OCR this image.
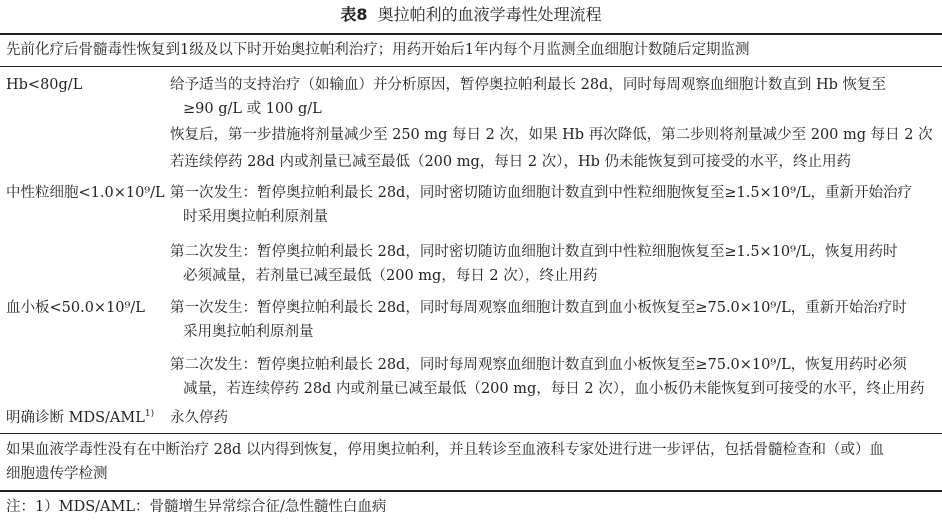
表8 奥拉帕利的血液学毒性处理流程
先前化疗后骨髓毒性恢复到1级及以下时开始奥拉帕利治疗；用药开始后1年内每个月监测全血细胞计数随后定期监测
Hb<80g/L	给予适当的支持治疗（如输血）并分析原因，暂停奥拉帕利最长 28d，同时每周观察血细胞计数直到 Hb 恢复至
≥90 g/L 或 100 g/L
恢复后，第一步措施将剂量减少至 250 mg 每日 2 次，如果 Hb 再次降低，第二步则将剂量减少至 200 mg 每日 2 次
若连续停药 28d 内或剂量已减至最低（200 mg，每日 2 次），Hb 仍未能恢复到可接受的水平，终止用药
中性粒细胞<1.0×10⁹/L 第一次发生：暂停奥拉帕利最长 28d，同时密切随访血细胞计数直到中性粒细胞恢复至≥1.5×10⁹/L，重新开始治疗
时采用奥拉帕利原剂量
第二次发生：暂停奥拉帕利最长 28d，同时密切随访血细胞计数直到中性粒细胞恢复至≥1.5×10⁹/L，恢复用药时
必须减量，若剂量已减至最低（200 mg，每日 2 次），终止用药
血小板<50.0×10⁹/L 第一次发生：暂停奥拉帕利最长 28d，同时每周观察血细胞计数直到血小板恢复至≥75.0×10⁹/L，重新开始治疗时
采用奥拉帕利原剂量
第二次发生：暂停奥拉帕利最长 28d，同时每周观察血细胞计数直到血小板恢复至≥75.0×10⁹/L，恢复用药时必须
减量，若连续停药 28d 内或剂量已减至最低（200 mg，每日 2 次），血小板仍未能恢复到可接受的水平，终止用药
明确诊断 MDS/AML$^{1)}$ 永久停药
如果血液学毒性没有在中断治疗 28d 以内得到恢复，停用奥拉帕利，并且转诊至血液科专家处进行进一步评估，包括骨髓检查和（或）血
细胞遗传学检测
注：1）MDS/AML：骨髓增生异常综合征/急性髓性白血病
